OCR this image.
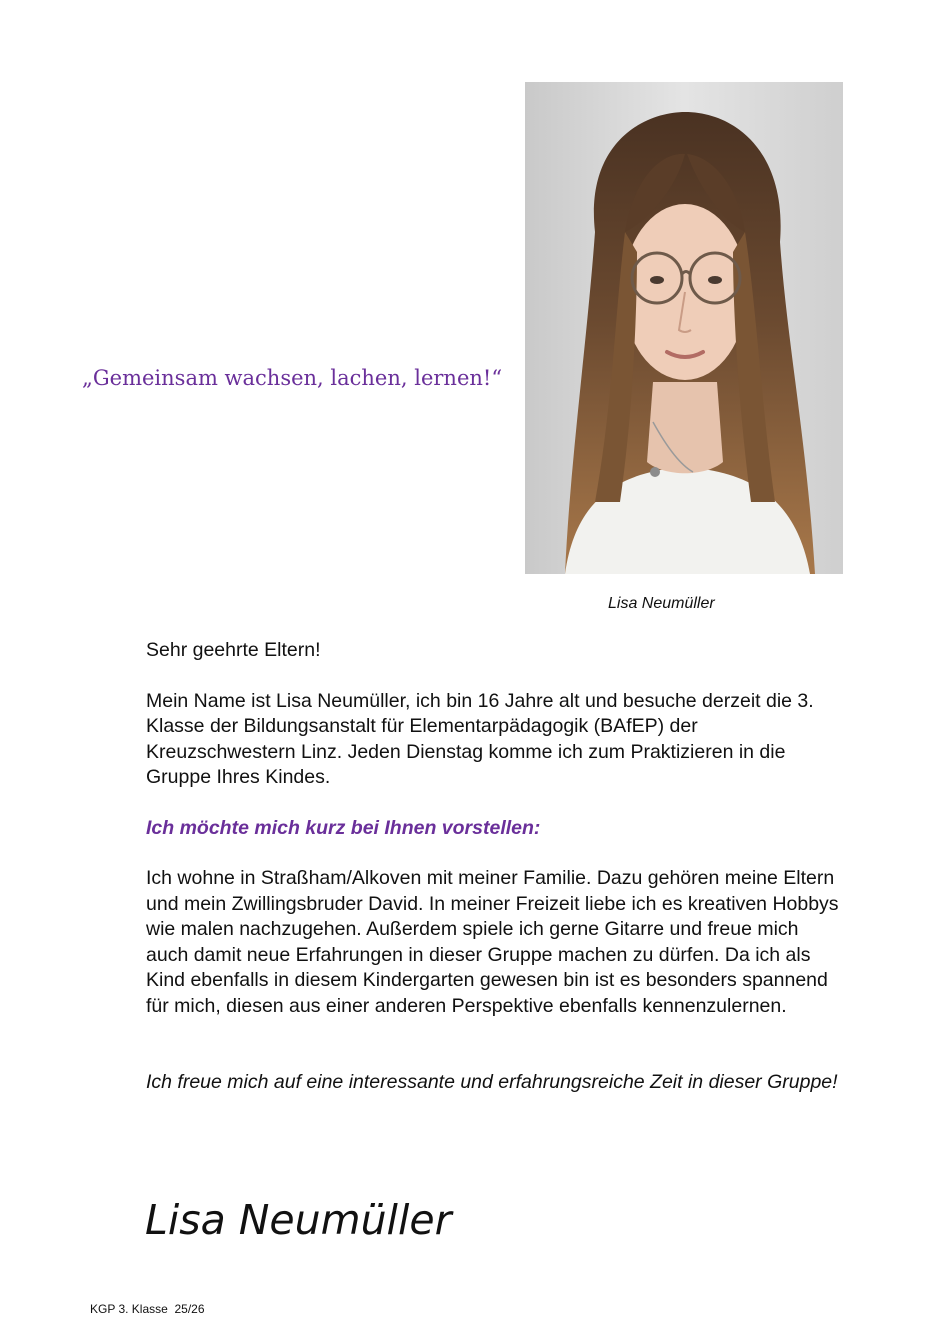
„Gemeinsam wachsen, lachen, lernen!“
Lisa Neumüller

Sehr geehrte Eltern!

Mein Name ist Lisa Neumüller, ich bin 16 Jahre alt und besuche derzeit die 3. Klasse der Bildungsanstalt für Elementarpädagogik (BAfEP) der Kreuzschwestern Linz. Jeden Dienstag komme ich zum Praktizieren in die Gruppe Ihres Kindes.

Ich möchte mich kurz bei Ihnen vorstellen:

Ich wohne in Straßham/Alkoven mit meiner Familie. Dazu gehören meine Eltern und mein Zwillingsbruder David. In meiner Freizeit liebe ich es kreativen Hobbys wie malen nachzugehen. Außerdem spiele ich gerne Gitarre und freue mich auch damit neue Erfahrungen in dieser Gruppe machen zu dürfen. Da ich als Kind ebenfalls in diesem Kindergarten gewesen bin ist es besonders spannend für mich, diesen aus einer anderen Perspektive ebenfalls kennenzulernen.

Ich freue mich auf eine interessante und erfahrungsreiche Zeit in dieser Gruppe!

Lisa Neumüller
KGP 3. Klasse  25/26
